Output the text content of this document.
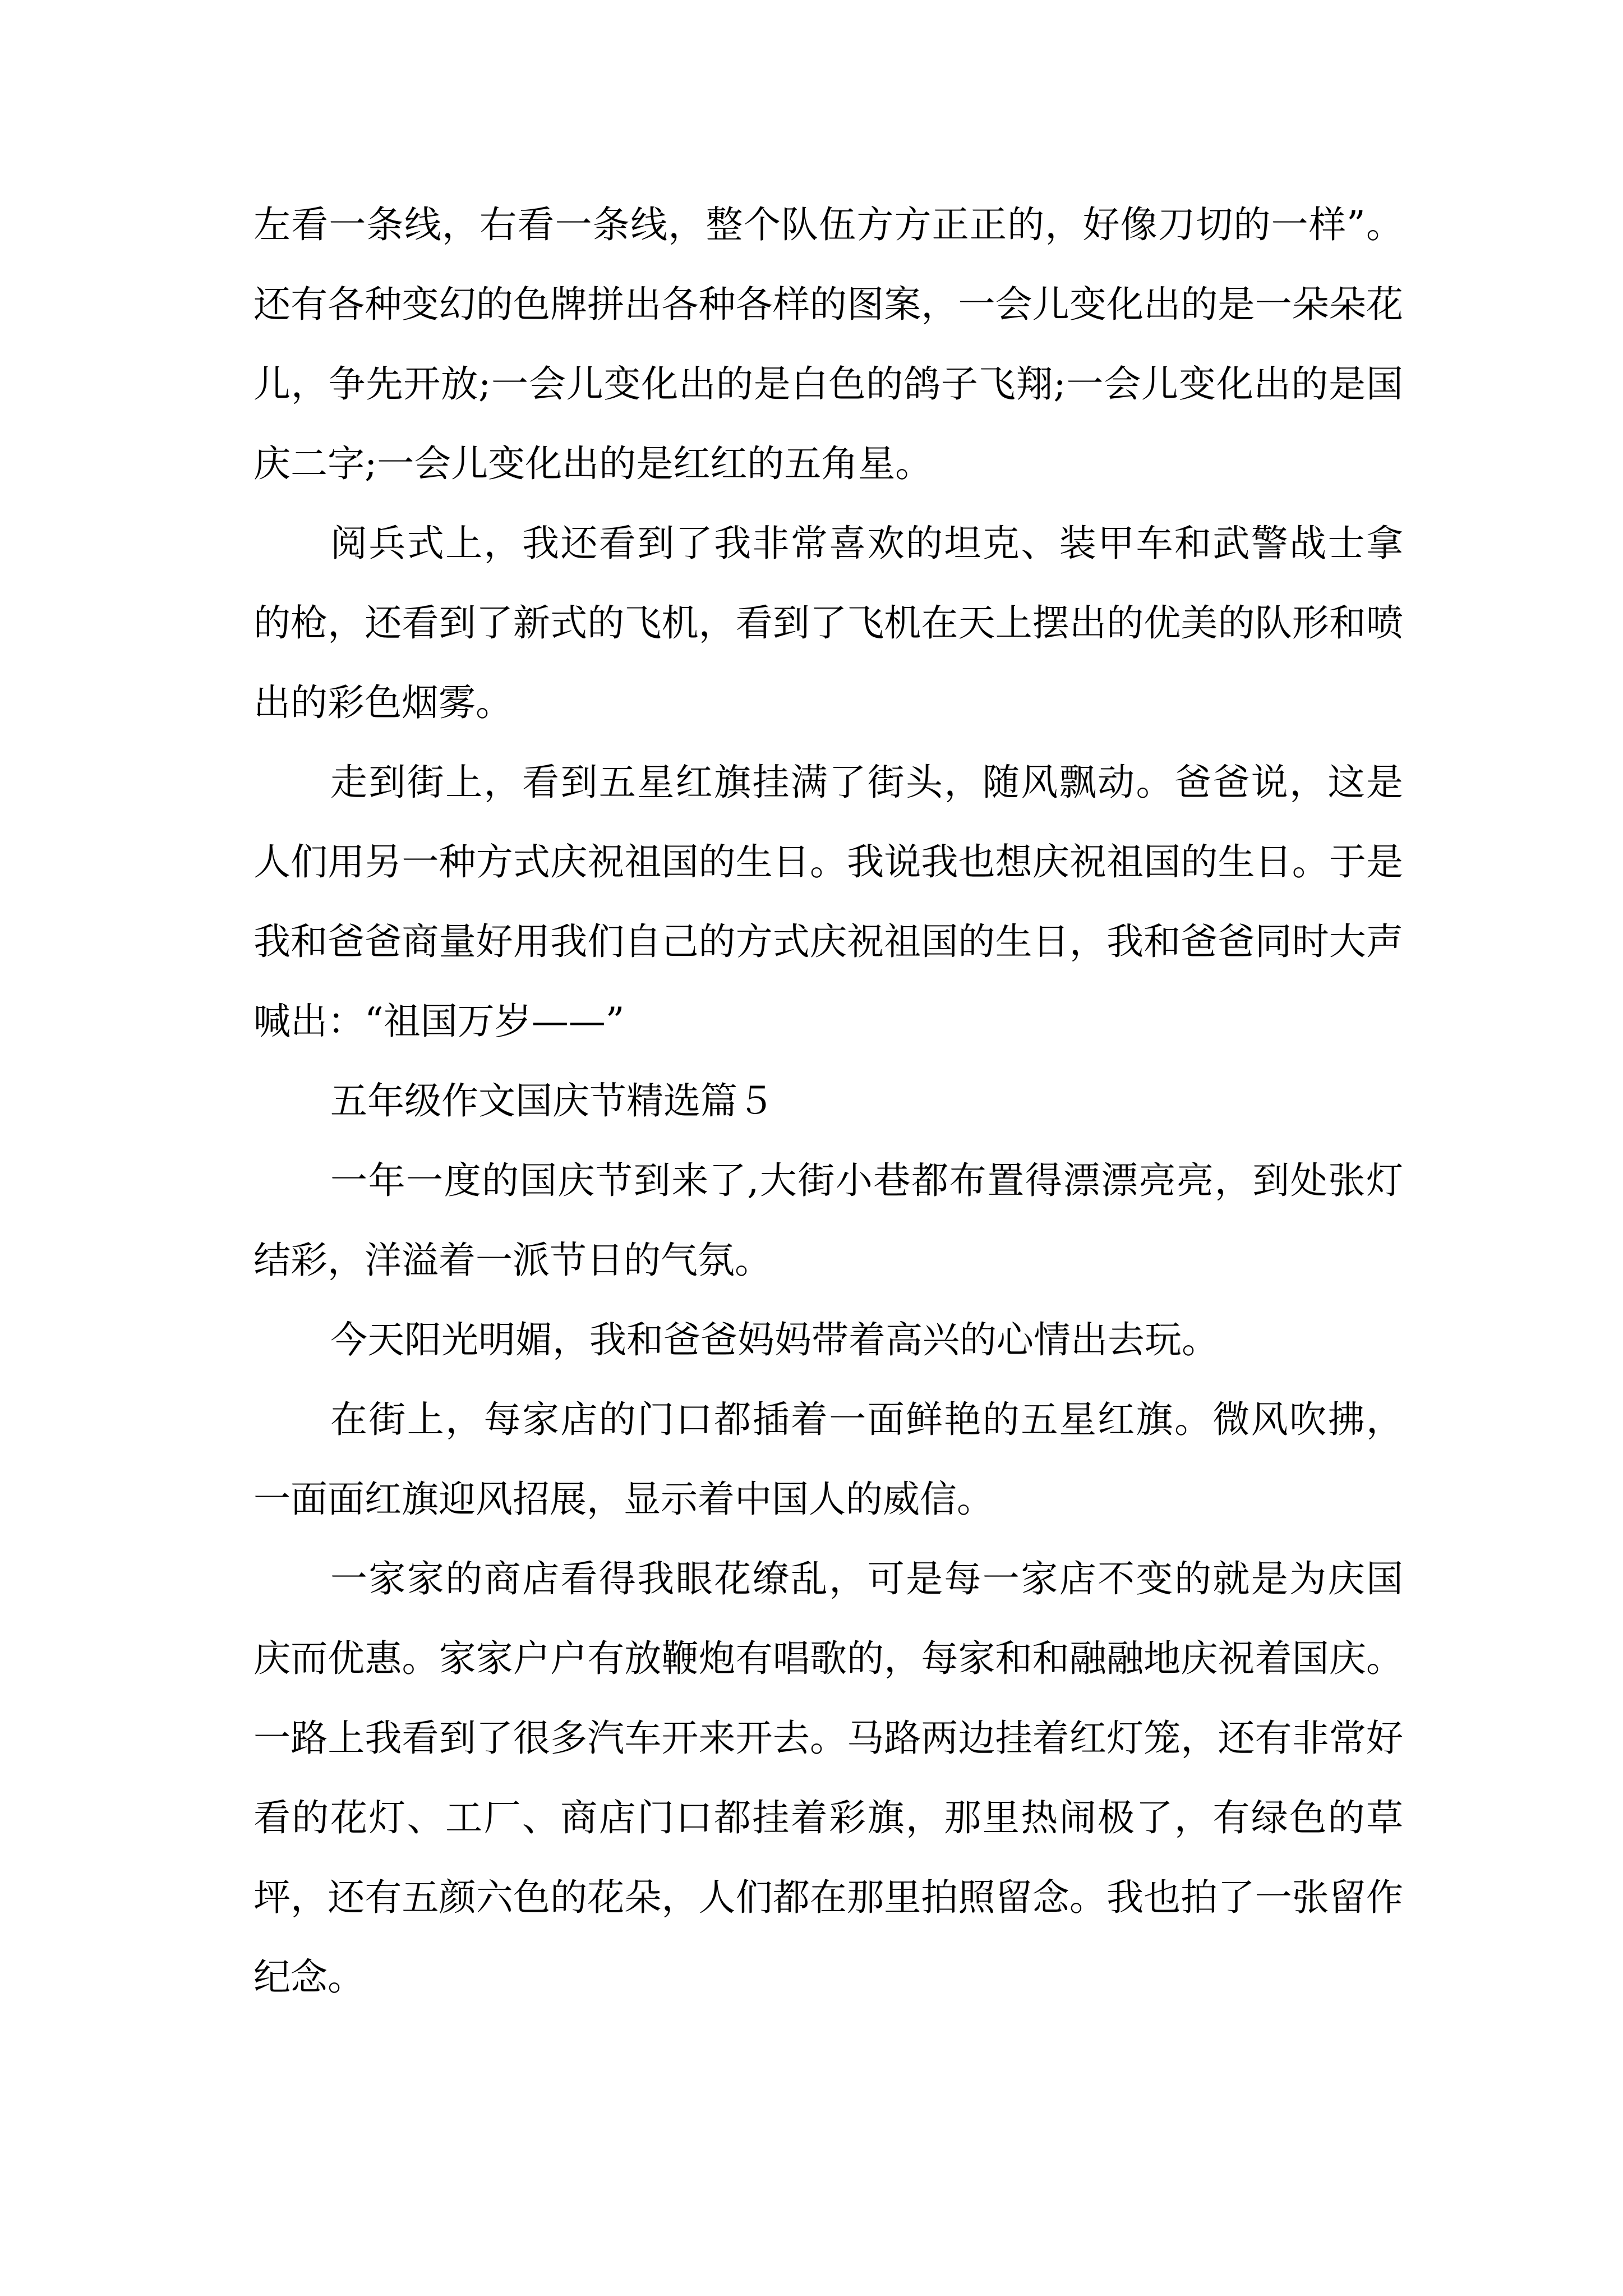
左看一条线，右看一条线，整个队伍方方正正的，好像刀切的一样”。还有各种变幻的色牌拼出各种各样的图案，一会儿变化出的是一朵朵花儿，争先开放;一会儿变化出的是白色的鸽子飞翔;一会儿变化出的是国庆二字;一会儿变化出的是红红的五角星。

阅兵式上，我还看到了我非常喜欢的坦克、装甲车和武警战士拿的枪，还看到了新式的飞机，看到了飞机在天上摆出的优美的队形和喷出的彩色烟雾。

走到街上，看到五星红旗挂满了街头，随风飘动。爸爸说，这是人们用另一种方式庆祝祖国的生日。我说我也想庆祝祖国的生日。于是我和爸爸商量好用我们自己的方式庆祝祖国的生日，我和爸爸同时大声喊出：“祖国万岁——”

五年级作文国庆节精选篇５

一年一度的国庆节到来了,大街小巷都布置得漂漂亮亮，到处张灯结彩，洋溢着一派节日的气氛。

今天阳光明媚，我和爸爸妈妈带着高兴的心情出去玩。

在街上，每家店的门口都插着一面鲜艳的五星红旗。微风吹拂，一面面红旗迎风招展，显示着中国人的威信。

一家家的商店看得我眼花缭乱，可是每一家店不变的就是为庆国庆而优惠。家家户户有放鞭炮有唱歌的，每家和和融融地庆祝着国庆。一路上我看到了很多汽车开来开去。马路两边挂着红灯笼，还有非常好看的花灯、工厂、商店门口都挂着彩旗，那里热闹极了，有绿色的草坪，还有五颜六色的花朵，人们都在那里拍照留念。我也拍了一张留作纪念。
